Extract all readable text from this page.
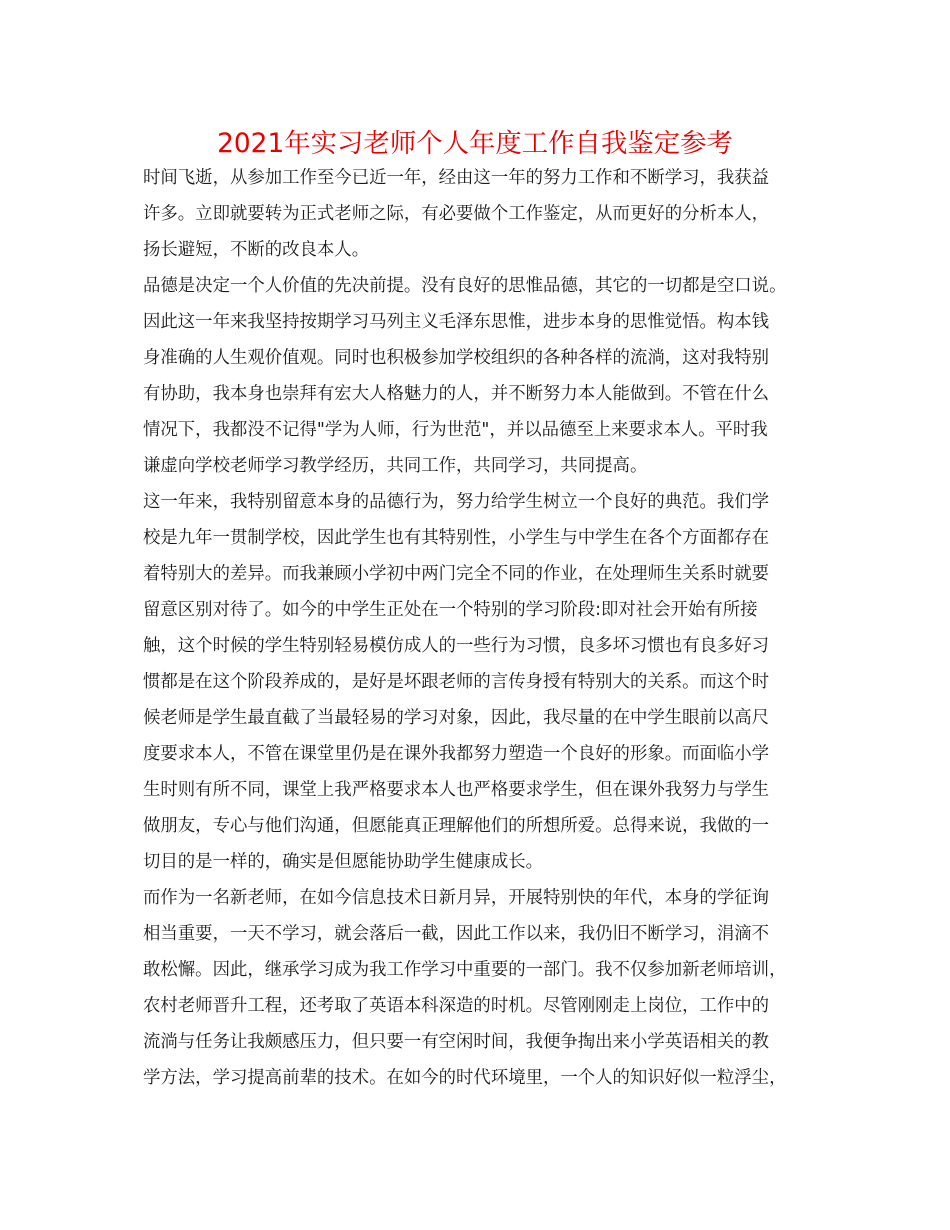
2021年实习老师个人年度工作自我鉴定参考
时间飞逝，从参加工作至今已近一年，经由这一年的努力工作和不断学习，我获益
许多。立即就要转为正式老师之际，有必要做个工作鉴定，从而更好的分析本人，
扬长避短，不断的改良本人。
品德是决定一个人价值的先决前提。没有良好的思惟品德，其它的一切都是空口说。
因此这一年来我坚持按期学习马列主义毛泽东思惟，进步本身的思惟觉悟。构本钱
身准确的人生观价值观。同时也积极参加学校组织的各种各样的流淌，这对我特别
有协助，我本身也崇拜有宏大人格魅力的人，并不断努力本人能做到。不管在什么
情况下，我都没不记得"学为人师，行为世范"，并以品德至上来要求本人。平时我
谦虚向学校老师学习教学经历，共同工作，共同学习，共同提高。
这一年来，我特别留意本身的品德行为，努力给学生树立一个良好的典范。我们学
校是九年一贯制学校，因此学生也有其特别性，小学生与中学生在各个方面都存在
着特别大的差异。而我兼顾小学初中两门完全不同的作业，在处理师生关系时就要
留意区别对待了。如今的中学生正处在一个特别的学习阶段:即对社会开始有所接
触，这个时候的学生特别轻易模仿成人的一些行为习惯，良多坏习惯也有良多好习
惯都是在这个阶段养成的，是好是坏跟老师的言传身授有特别大的关系。而这个时
候老师是学生最直截了当最轻易的学习对象，因此，我尽量的在中学生眼前以高尺
度要求本人，不管在课堂里仍是在课外我都努力塑造一个良好的形象。而面临小学
生时则有所不同，课堂上我严格要求本人也严格要求学生，但在课外我努力与学生
做朋友，专心与他们沟通，但愿能真正理解他们的所想所爱。总得来说，我做的一
切目的是一样的，确实是但愿能协助学生健康成长。
而作为一名新老师，在如今信息技术日新月异，开展特别快的年代，本身的学征询
相当重要，一天不学习，就会落后一截，因此工作以来，我仍旧不断学习，涓滴不
敢松懈。因此，继承学习成为我工作学习中重要的一部门。我不仅参加新老师培训，
农村老师晋升工程，还考取了英语本科深造的时机。尽管刚刚走上岗位，工作中的
流淌与任务让我颇感压力，但只要一有空闲时间，我便争掏出来小学英语相关的教
学方法，学习提高前辈的技术。在如今的时代环境里，一个人的知识好似一粒浮尘，
